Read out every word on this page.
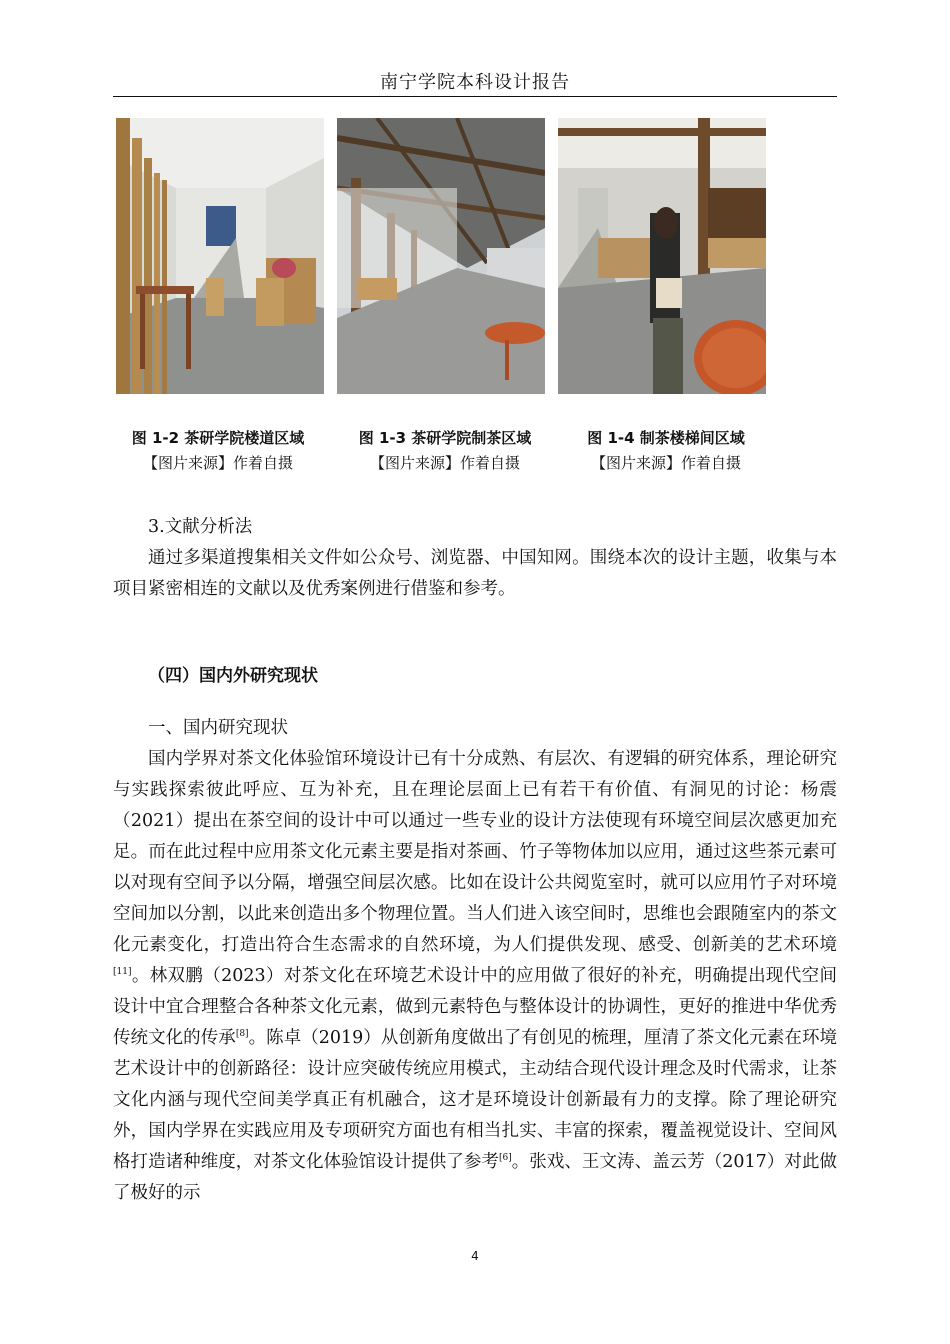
南宁学院本科设计报告
图 1-2 茶研学院楼道区域
【图片来源】作着自摄
图 1-3 茶研学院制茶区域
【图片来源】作着自摄
图 1-4 制茶楼梯间区域
【图片来源】作着自摄
3.文献分析法
通过多渠道搜集相关文件如公众号、浏览器、中国知网。围绕本次的设计主题，收集与本项目紧密相连的文献以及优秀案例进行借鉴和参考。
（四）国内外研究现状
一、国内研究现状
国内学界对茶文化体验馆环境设计已有十分成熟、有层次、有逻辑的研究体系，理论研究与实践探索彼此呼应、互为补充，且在理论层面上已有若干有价值、有洞见的讨论：杨震（2021）提出在茶空间的设计中可以通过一些专业的设计方法使现有环境空间层次感更加充足。而在此过程中应用茶文化元素主要是指对茶画、竹子等物体加以应用，通过这些茶元素可以对现有空间予以分隔，增强空间层次感。比如在设计公共阅览室时，就可以应用竹子对环境空间加以分割，以此来创造出多个物理位置。当人们进入该空间时，思维也会跟随室内的茶文化元素变化，打造出符合生态需求的自然环境，为人们提供发现、感受、创新美的艺术环境[11]。林双鹏（2023）对茶文化在环境艺术设计中的应用做了很好的补充，明确提出现代空间设计中宜合理整合各种茶文化元素，做到元素特色与整体设计的协调性，更好的推进中华优秀传统文化的传承[8]。陈卓（2019）从创新角度做出了有创见的梳理，厘清了茶文化元素在环境艺术设计中的创新路径：设计应突破传统应用模式，主动结合现代设计理念及时代需求，让茶文化内涵与现代空间美学真正有机融合，这才是环境设计创新最有力的支撑。除了理论研究外，国内学界在实践应用及专项研究方面也有相当扎实、丰富的探索，覆盖视觉设计、空间风格打造诸种维度，对茶文化体验馆设计提供了参考[6]。张戏、王文涛、盖云芳（2017）对此做了极好的示
4
